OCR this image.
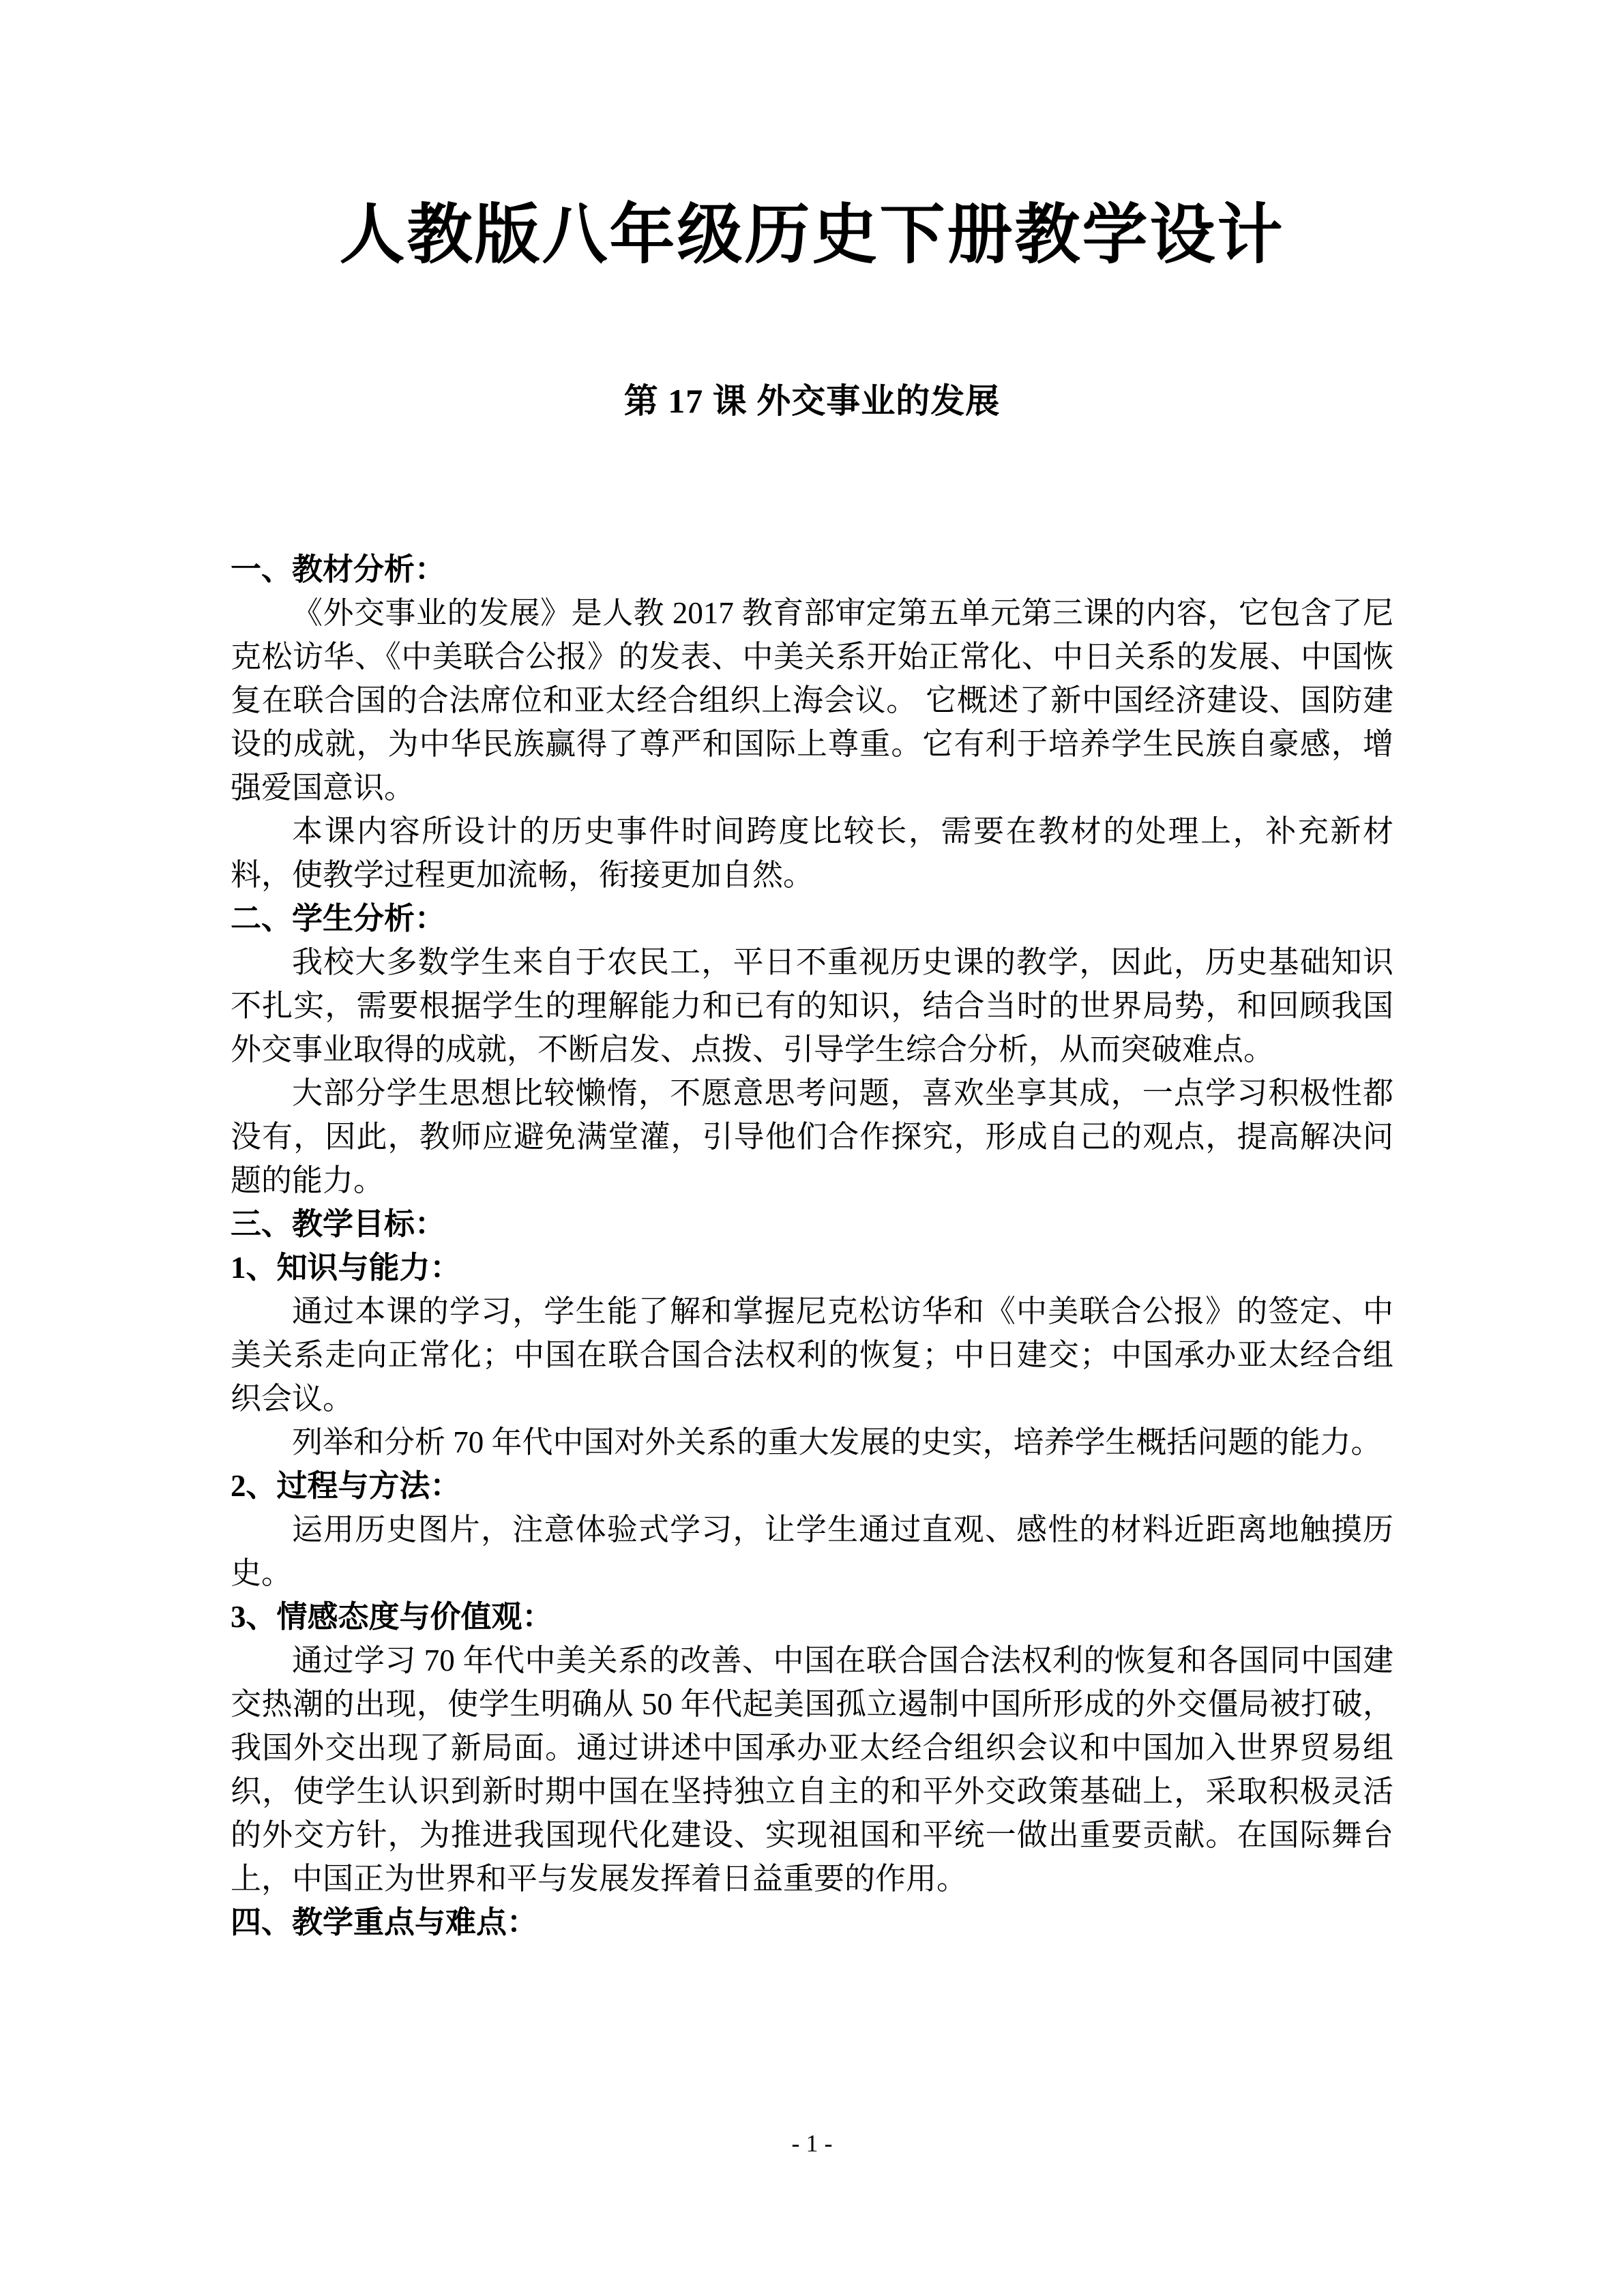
人教版八年级历史下册教学设计
第 17 课 外交事业的发展
一、教材分析：

《外交事业的发展》是人教 2017 教育部审定第五单元第三课的内容，它包含了尼克松访华、《中美联合公报》的发表、中美关系开始正常化、中日关系的发展、中国恢复在联合国的合法席位和亚太经合组织上海会议。 它概述了新中国经济建设、国防建设的成就，为中华民族赢得了尊严和国际上尊重。它有利于培养学生民族自豪感，增强爱国意识。

本课内容所设计的历史事件时间跨度比较长，需要在教材的处理上，补充新材料，使教学过程更加流畅，衔接更加自然。

二、学生分析：

我校大多数学生来自于农民工，平日不重视历史课的教学，因此，历史基础知识不扎实，需要根据学生的理解能力和已有的知识，结合当时的世界局势，和回顾我国外交事业取得的成就，不断启发、点拨、引导学生综合分析，从而突破难点。

大部分学生思想比较懒惰，不愿意思考问题，喜欢坐享其成，一点学习积极性都没有，因此，教师应避免满堂灌，引导他们合作探究，形成自己的观点，提高解决问题的能力。

三、教学目标：
1、知识与能力：

通过本课的学习，学生能了解和掌握尼克松访华和《中美联合公报》的签定、中美关系走向正常化；中国在联合国合法权利的恢复；中日建交；中国承办亚太经合组织会议。

列举和分析 70 年代中国对外关系的重大发展的史实，培养学生概括问题的能力。

2、过程与方法：

运用历史图片，注意体验式学习，让学生通过直观、感性的材料近距离地触摸历史。

3、情感态度与价值观：

通过学习 70 年代中美关系的改善、中国在联合国合法权利的恢复和各国同中国建交热潮的出现，使学生明确从 50 年代起美国孤立遏制中国所形成的外交僵局被打破，我国外交出现了新局面。通过讲述中国承办亚太经合组织会议和中国加入世界贸易组织，使学生认识到新时期中国在坚持独立自主的和平外交政策基础上，采取积极灵活的外交方针，为推进我国现代化建设、实现祖国和平统一做出重要贡献。在国际舞台上，中国正为世界和平与发展发挥着日益重要的作用。

四、教学重点与难点：
- 1 -
